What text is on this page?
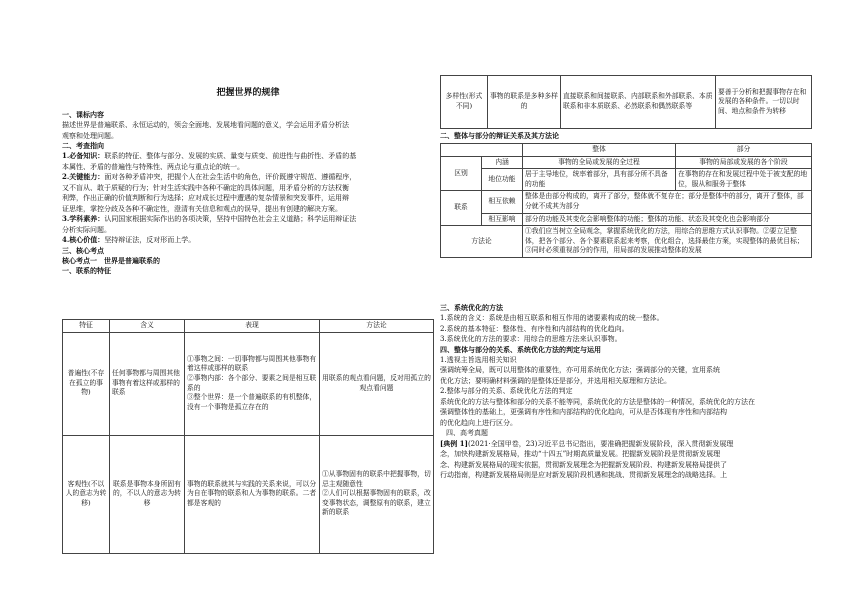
把握世界的规律
一、课标内容
描述世界是普遍联系、永恒运动的，领会全面地、发展地看问题的意义，学会运用矛盾分析法
观察和处理问题。
二、考查指向
1.必备知识：联系的特征、整体与部分、发展的实质、量变与质变、前进性与曲折性、矛盾的基
本属性、矛盾的普遍性与特殊性、两点论与重点论的统一。
2.关键能力：面对各种矛盾冲突，把握个人在社会生活中的角色，评价既遵守规范、遵循程序，
又不盲从、敢于质疑的行为；针对生活实践中各种不确定的具体问题，用矛盾分析的方法权衡
利弊，作出正确的价值判断和行为选择；应对成长过程中遭遇的复杂情景和突发事件，运用辩
证思维，掌控分歧及各种不确定性，澄清有关信息和观点的误导，提出有创建的解决方案。
3.学科素养：认同国家根据实际作出的各项决策，坚持中国特色社会主义道路；科学运用辩证法
分析实际问题。
4.核心价值：坚持辩证法，反对形而上学。
三、核心考点
核心考点一　世界是普遍联系的
一、联系的特征
特征	含义	表现	方法论
普遍性(不存在孤立的事物)	任何事物都与周围其他事物有着这样或那样的联系	①事物之间：一切事物都与周围其他事物有着这样或那样的联系
②事物内部：各个部分、要素之间是相互联系的
③整个世界：是一个普遍联系的有机整体，没有一个事物是孤立存在的	用联系的观点看问题，反对用孤立的观点看问题
客观性(不以人的意志为转移)	联系是事物本身所固有的，不以人的意志为转移	事物的联系就其与实践的关系来说，可以分为自在事物的联系和人为事物的联系。二者都是客观的	①从事物固有的联系中把握事物，切忌主观随意性
②人们可以根据事物固有的联系，改变事物状态，调整原有的联系，建立新的联系
多样性(形式不同)	事物的联系是多种多样的	直接联系和间接联系、内部联系和外部联系、本质联系和非本质联系、必然联系和偶然联系等	要善于分析和把握事物存在和发展的各种条件。一切以时间、地点和条件为转移
二、整体与部分的辩证关系及其方法论
		整体	部分
区别	内涵	事物的全局或发展的全过程	事物的局部或发展的各个阶段
	地位功能	居于主导地位，统率着部分，具有部分所不具备的功能	在事物的存在和发展过程中处于被支配的地位，服从和服务于整体
联系	相互依赖	整体是由部分构成的，离开了部分，整体就不复存在；部分是整体中的部分，离开了整体，部分就不成其为部分	
	相互影响	部分的功能及其变化会影响整体的功能；整体的功能、状态及其变化也会影响部分	
方法论		①我们应当树立全局观念，掌握系统优化的方法，用综合的思维方式认识事物。②要立足整体，把各个部分、各个要素联系起来考察，优化组合，选择最佳方案，实现整体的最优目标；③同时必须重视部分的作用，用局部的发展推动整体的发展	
三、系统优化的方法
1.系统的含义：系统是由相互联系和相互作用的诸要素构成的统一整体。
2.系统的基本特征：整体性、有序性和内部结构的优化趋向。
3.系统优化的方法的要求：用综合的思维方法来认识事物。
四、整体与部分的关系、系统优化方法的判定与运用
1.透视主旨选用相关知识
强调统筹全局，既可以用整体的重要性，亦可用系统优化方法；强调部分的关键，宜用系统
优化方法；要明确材料强调的是整体还是部分，并选用相关原理和方法论。
2.整体与部分的关系、系统优化方法的判定
系统优化的方法与整体和部分的关系不能等同，系统优化的方法是整体的一种情况，系统优化的方法在
强调整体性的基础上，更强调有序性和内部结构的优化趋向，可从是否体现有序性和内部结构
的优化趋向上进行区分。
四、高考真题
[典例 1](2021·全国甲卷，23)习近平总书记指出，要准确把握新发展阶段，深入贯彻新发展理
念，加快构建新发展格局，推动“十四五”时期高质量发展。把握新发展阶段是贯彻新发展理
念、构建新发展格局的现实依据，贯彻新发展理念为把握新发展阶段、构建新发展格局提供了
行动指南，构建新发展格局则是应对新发展阶段机遇和挑战、贯彻新发展理念的战略选择。上
